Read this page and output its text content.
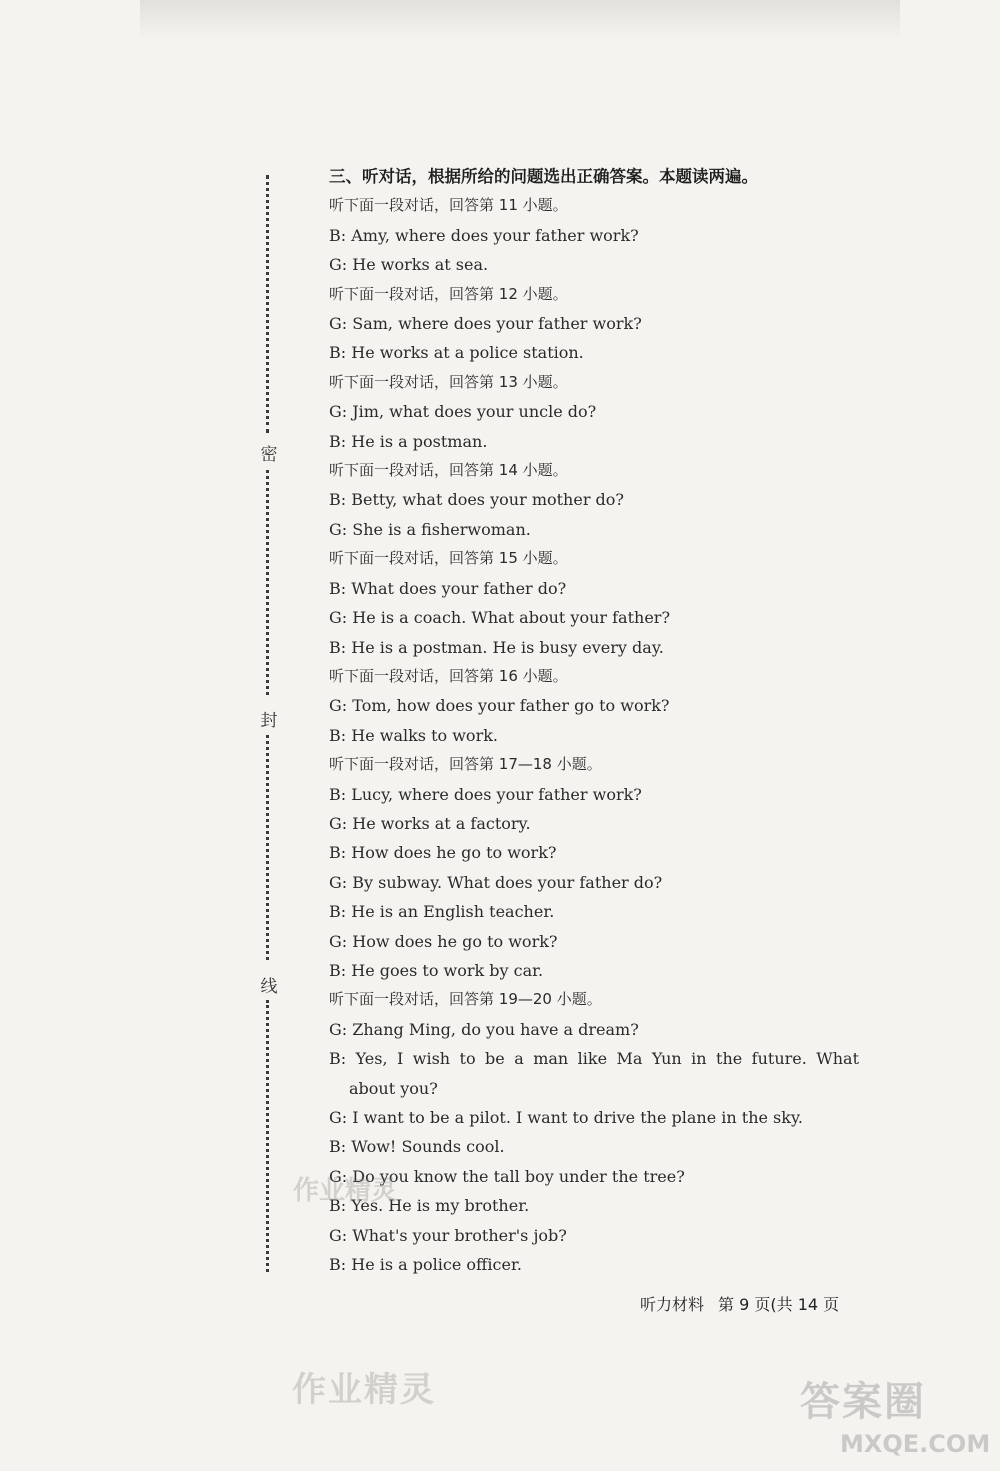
密
封
线
三、听对话，根据所给的问题选出正确答案。本题读两遍。
听下面一段对话，回答第 11 小题。
B: Amy, where does your father work?
G: He works at sea.
听下面一段对话，回答第 12 小题。
G: Sam, where does your father work?
B: He works at a police station.
听下面一段对话，回答第 13 小题。
G: Jim, what does your uncle do?
B: He is a postman.
听下面一段对话，回答第 14 小题。
B: Betty, what does your mother do?
G: She is a fisherwoman.
听下面一段对话，回答第 15 小题。
B: What does your father do?
G: He is a coach. What about your father?
B: He is a postman. He is busy every day.
听下面一段对话，回答第 16 小题。
G: Tom, how does your father go to work?
B: He walks to work.
听下面一段对话，回答第 17—18 小题。
B: Lucy, where does your father work?
G: He works at a factory.
B: How does he go to work?
G: By subway. What does your father do?
B: He is an English teacher.
G: How does he go to work?
B: He goes to work by car.
听下面一段对话，回答第 19—20 小题。
G: Zhang Ming, do you have a dream?
B: Yes, I wish to be a man like Ma Yun in the future. What
about you?
G: I want to be a pilot. I want to drive the plane in the sky.
B: Wow! Sounds cool.
G: Do you know the tall boy under the tree?
B: Yes. He is my brother.
G: What's your brother's job?
B: He is a police officer.
听力材料 第 9 页(共 14 页
作业精灵
作业精灵	答案圈
MXQE.COM
